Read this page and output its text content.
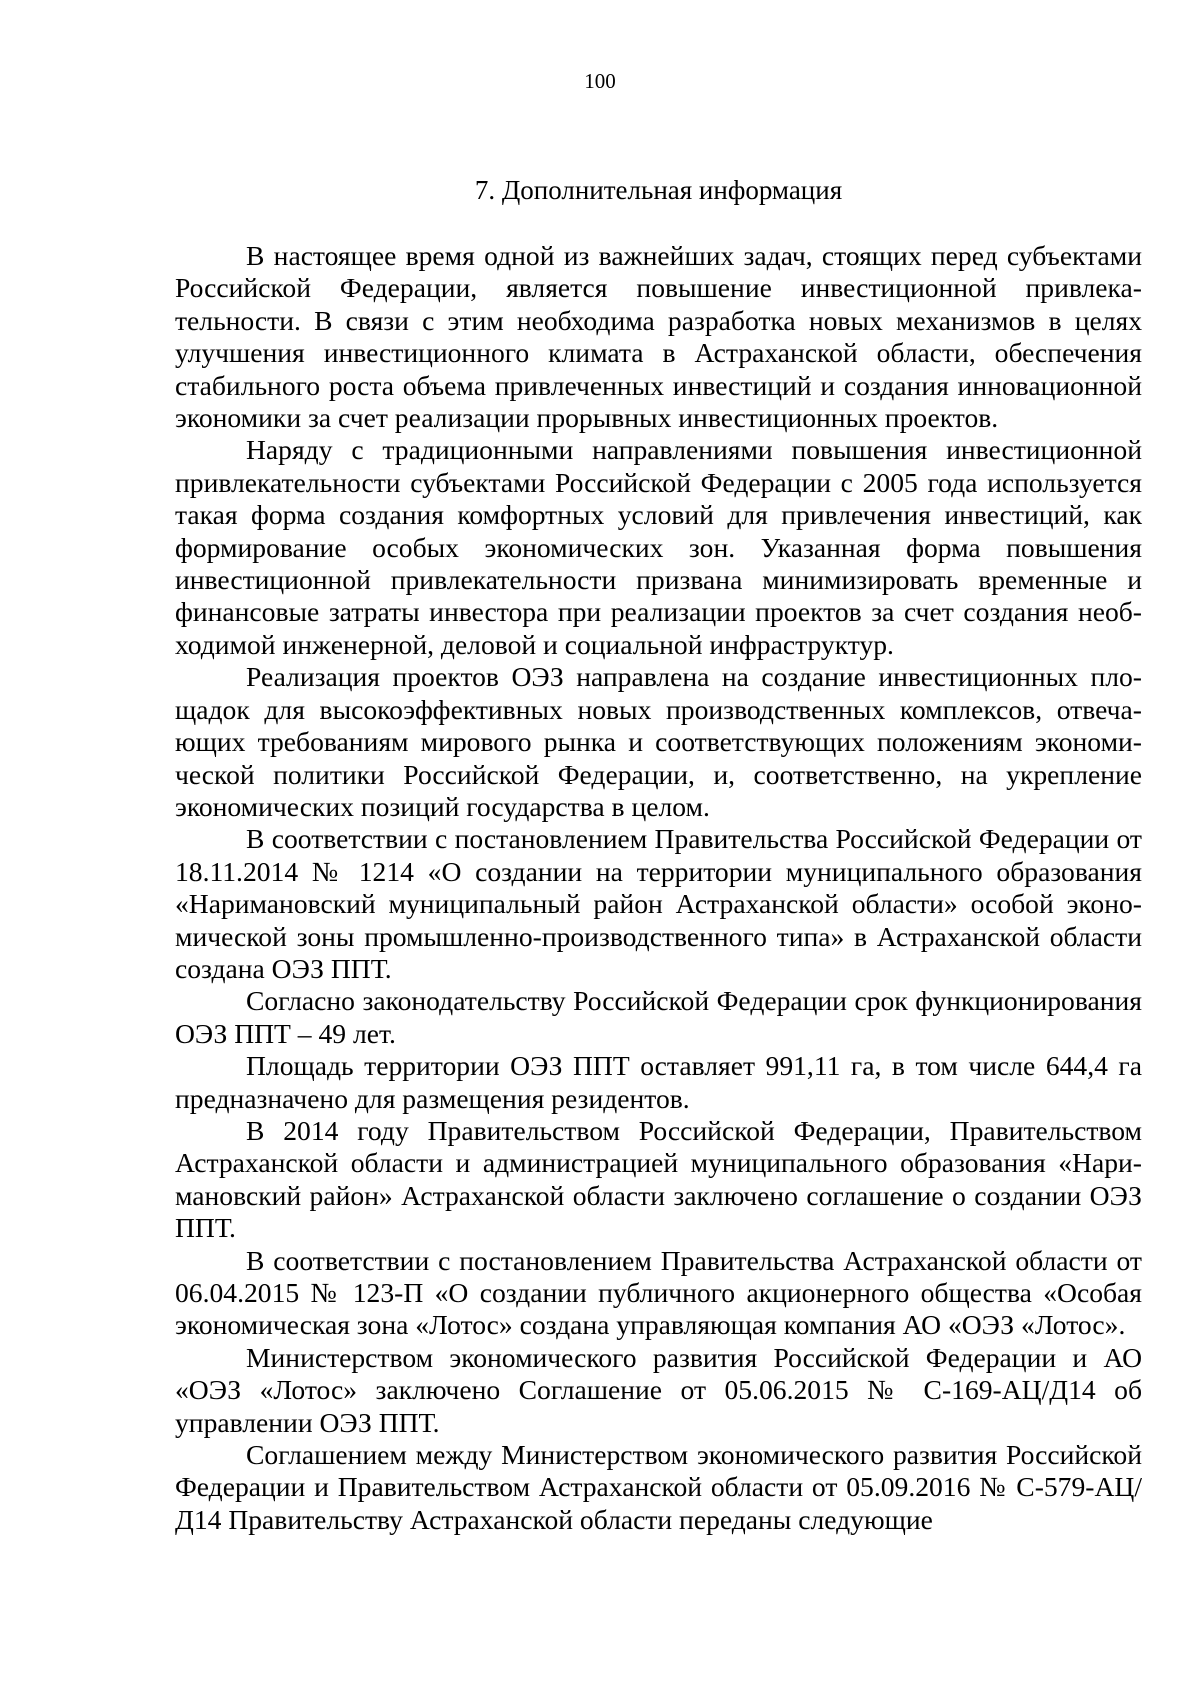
100
7. Дополнительная информация

В настоящее время одной из важнейших задач, стоящих перед субъектами Российской Федерации, является повышение инвестиционной привлекательности. В связи с этим необходима разработка новых механизмов в целях улучшения инвестиционного климата в Астраханской области, обеспечения стабильного роста объема привлеченных инвестиций и создания инновационной экономики за счет реализации прорывных инвестиционных проектов.

Наряду с традиционными направлениями повышения инвестиционной привлекательности субъектами Российской Федерации с 2005 года используется такая форма создания комфортных условий для привлечения инвестиций, как формирование особых экономических зон. Указанная форма повышения инвестиционной привлекательности призвана минимизировать временные и финансовые затраты инвестора при реализации проектов за счет создания необходимой инженерной, деловой и социальной инфраструктур.

Реализация проектов ОЭЗ направлена на создание инвестиционных площадок для высокоэффективных новых производственных комплексов, отвечающих требованиям мирового рынка и соответствующих положениям экономической политики Российской Федерации, и, соответственно, на укрепление экономических позиций государства в целом.

В соответствии с постановлением Правительства Российской Федерации от 18.11.2014 № 1214 «О создании на территории муниципального образования «Наримановский муниципальный район Астраханской области» особой экономической зоны промышленно-производственного типа» в Астраханской области создана ОЭЗ ППТ.

Согласно законодательству Российской Федерации срок функционирования ОЭЗ ППТ – 49 лет.

Площадь территории ОЭЗ ППТ оставляет 991,11 га, в том числе 644,4 га предназначено для размещения резидентов.

В 2014 году Правительством Российской Федерации, Правительством Астраханской области и администрацией муниципального образования «Наримановский район» Астраханской области заключено соглашение о создании ОЭЗ ППТ.

В соответствии с постановлением Правительства Астраханской области от 06.04.2015 № 123-П «О создании публичного акционерного общества «Особая экономическая зона «Лотос» создана управляющая компания АО «ОЭЗ «Лотос».

Министерством экономического развития Российской Федерации и АО «ОЭЗ «Лотос» заключено Соглашение от 05.06.2015 № С-169-АЦ/Д14 об управлении ОЭЗ ППТ.

Соглашением между Министерством экономического развития Российской Федерации и Правительством Астраханской области от 05.09.2016 № С-579-АЦ/Д14 Правительству Астраханской области переданы следующие
